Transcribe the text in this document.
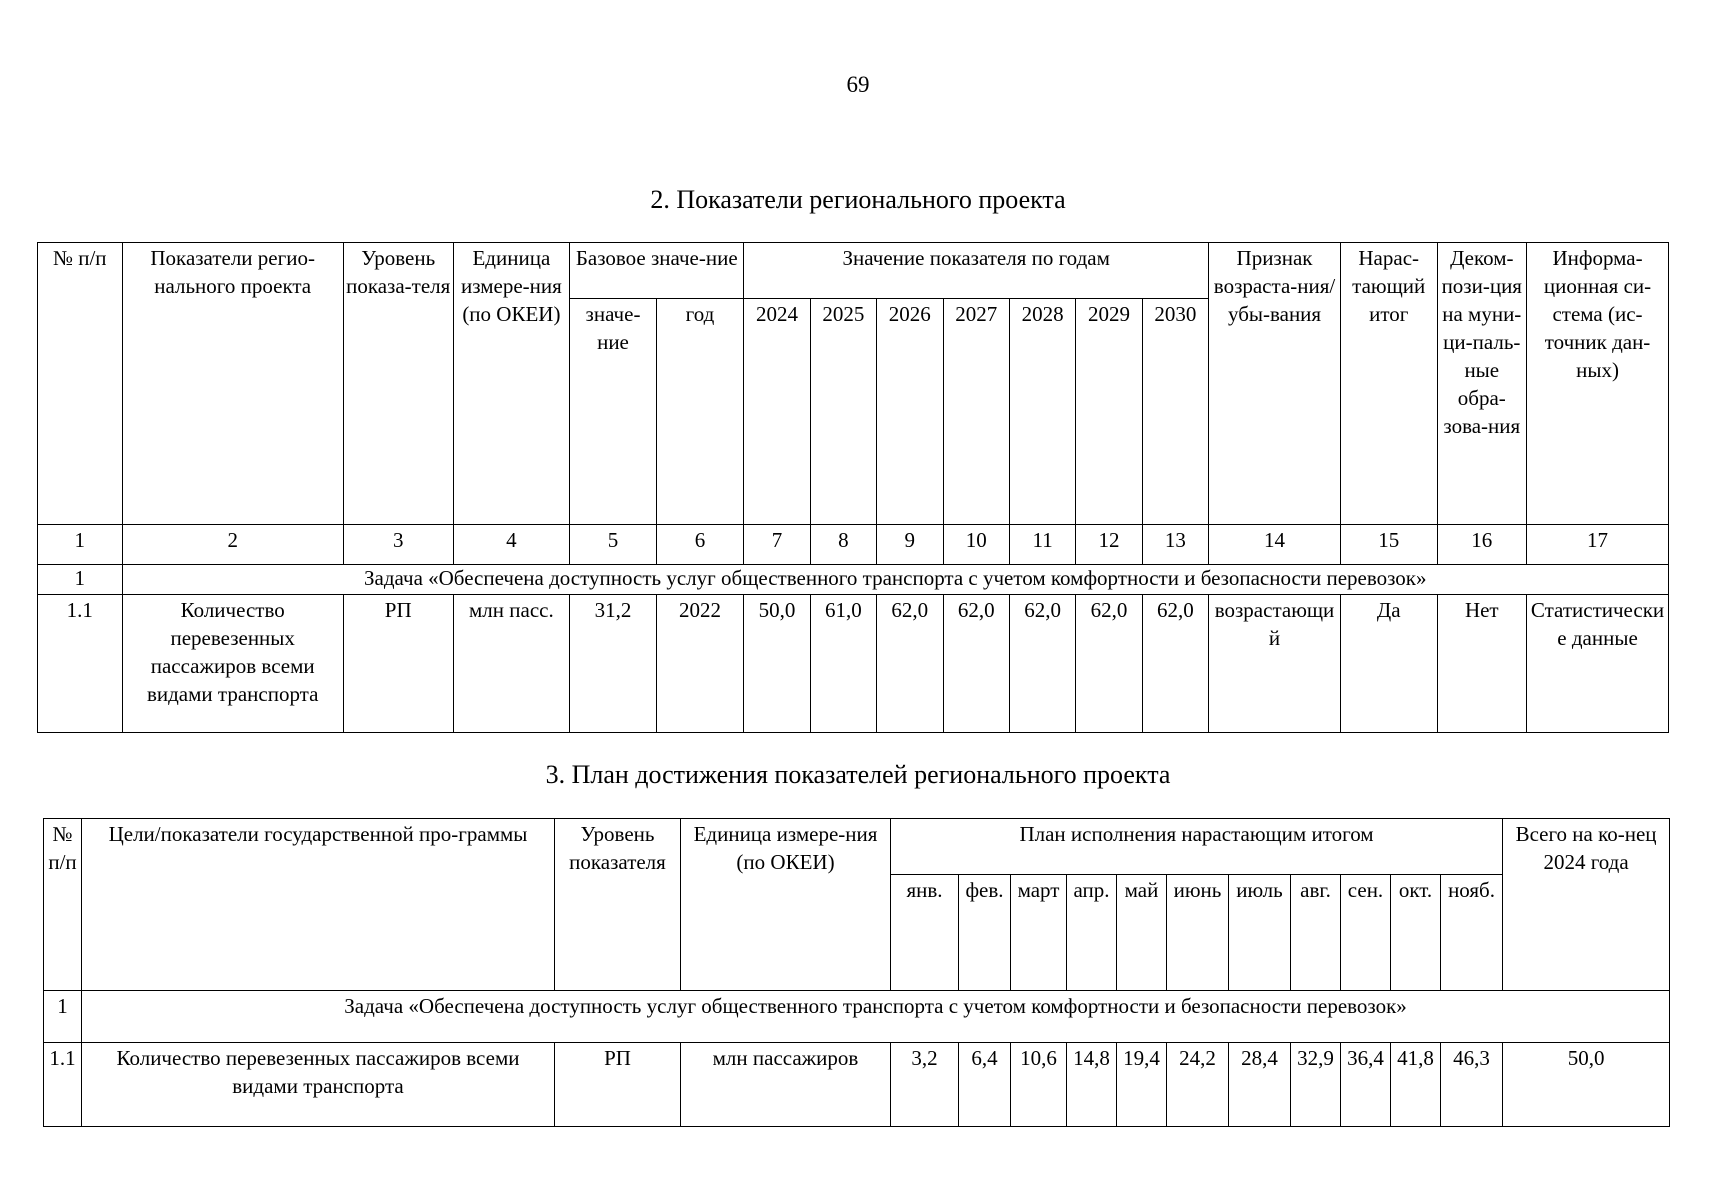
69
2. Показатели регионального проекта
№ п/п	Показатели регио-нального проекта	Уровень показа-теля	Единица измере-ния (по ОКЕИ)	Базовое значе-ние		Значение показателя по годам							Признак возраста-ния/ убы-вания	Нарас-тающий итог	Деком-пози-ция на муни-ци-паль-ные обра-зова-ния	Информа-ционная си-стема (ис-точник дан-ных)
				значе-ние	год	2024	2025	2026	2027	2028	2029	2030				
1	2	3	4	5	6	7	8	9	10	11	12	13	14	15	16	17
1	Задача «Обеспечена доступность услуг общественного транспорта с учетом комфортности и безопасности перевозок»															
1.1	Количество перевезенных пассажиров всеми видами транспорта	РП	млн пасс.	31,2	2022	50,0	61,0	62,0	62,0	62,0	62,0	62,0	возрастающий	Да	Нет	Статистические данные
3. План достижения показателей регионального проекта
№ п/п	Цели/показатели государственной про-граммы	Уровень показателя	Единица измере-ния (по ОКЕИ)	План исполнения нарастающим итогом											Всего на ко-нец 2024 года
				янв.	фев.	март	апр.	май	июнь	июль	авг.	сен.	окт.	нояб.	
1	Задача «Обеспечена доступность услуг общественного транспорта с учетом комфортности и безопасности перевозок»														
1.1	Количество перевезенных пассажиров всеми видами транспорта	РП	млн пассажиров	3,2	6,4	10,6	14,8	19,4	24,2	28,4	32,9	36,4	41,8	46,3	50,0
